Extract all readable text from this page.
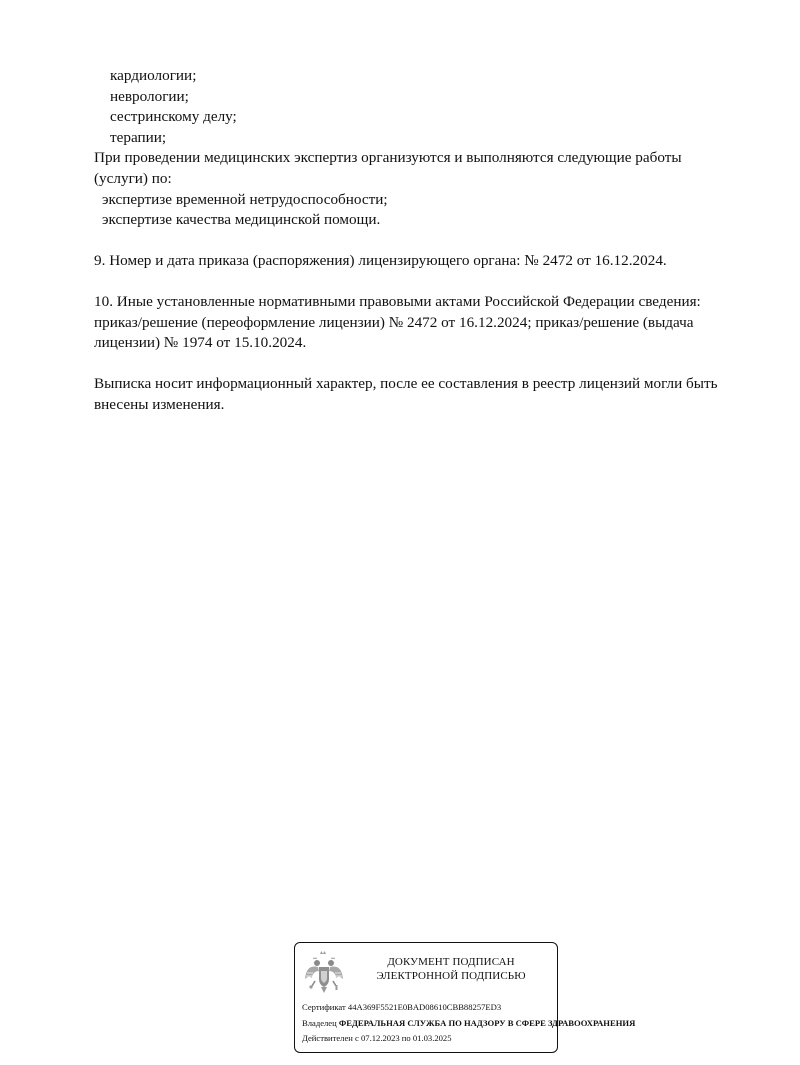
кардиологии;
неврологии;
сестринскому делу;
терапии;
При проведении медицинских экспертиз организуются и выполняются следующие работы
(услуги) по:
экспертизе временной нетрудоспособности;
экспертизе качества медицинской помощи.
9. Номер и дата приказа (распоряжения) лицензирующего органа: № 2472 от 16.12.2024.
10. Иные установленные нормативными правовыми актами Российской Федерации сведения:
приказ/решение (переоформление лицензии) № 2472 от 16.12.2024; приказ/решение (выдача
лицензии) № 1974 от 15.10.2024.
Выписка носит информационный характер, после ее составления в реестр лицензий могли быть
внесены изменения.
ДОКУМЕНТ ПОДПИСАН
ЭЛЕКТРОННОЙ ПОДПИСЬЮ
Сертификат 44A369F5521E0BAD08610CBB88257ED3
Владелец ФЕДЕРАЛЬНАЯ СЛУЖБА ПО НАДЗОРУ В СФЕРЕ ЗДРАВООХРАНЕНИЯ
Действителен с 07.12.2023 по 01.03.2025
